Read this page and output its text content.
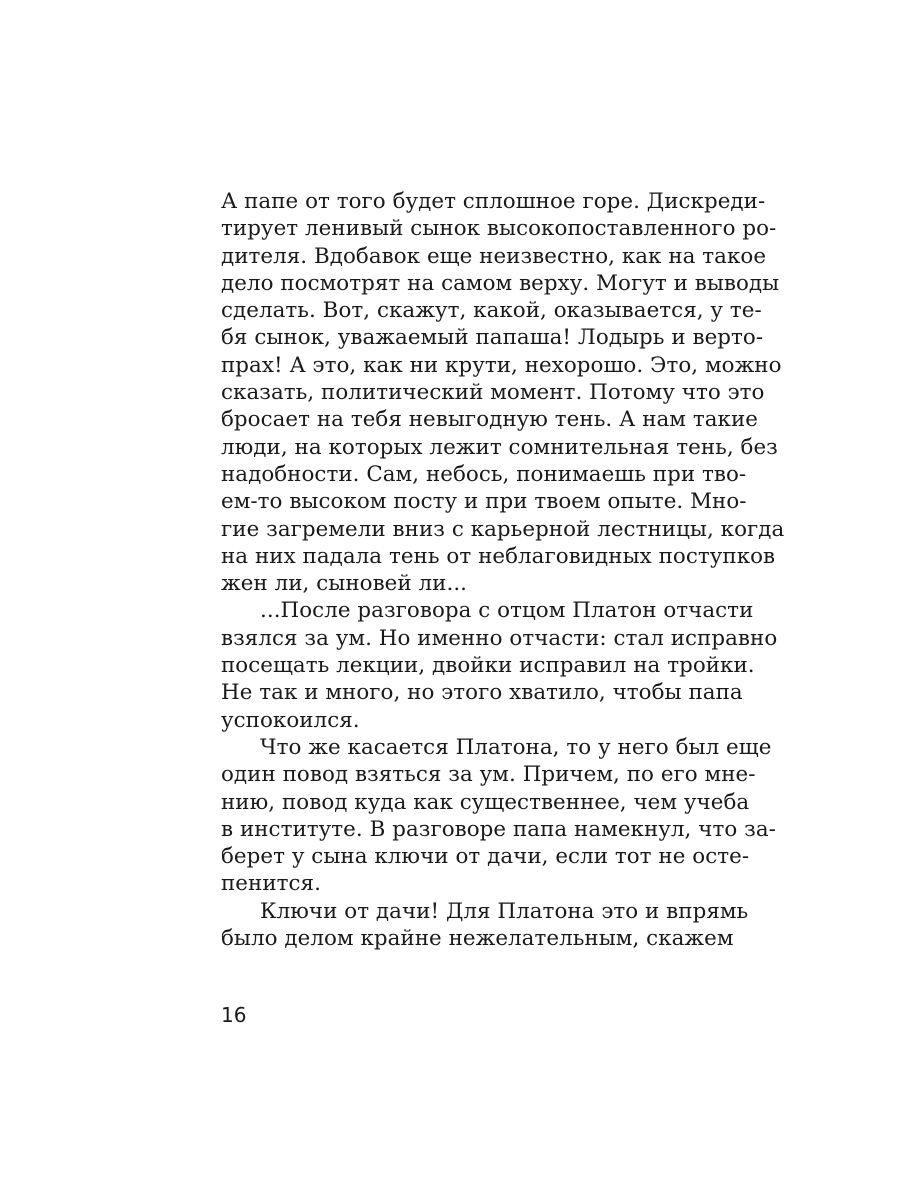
А папе от того будет сплошное горе. Дискреди-
тирует ленивый сынок высокопоставленного ро-
дителя. Вдобавок еще неизвестно, как на такое
дело посмотрят на самом верху. Могут и выводы
сделать. Вот, скажут, какой, оказывается, у те-
бя сынок, уважаемый папаша! Лодырь и верто-
прах! А это, как ни крути, нехорошо. Это, можно
сказать, политический момент. Потому что это
бросает на тебя невыгодную тень. А нам такие
люди, на которых лежит сомнительная тень, без
надобности. Сам, небось, понимаешь при тво-
ем-то высоком посту и при твоем опыте. Мно-
гие загремели вниз с карьерной лестницы, когда
на них падала тень от неблаговидных поступков
жен ли, сыновей ли...
...После разговора с отцом Платон отчасти
взялся за ум. Но именно отчасти: стал исправно
посещать лекции, двойки исправил на тройки.
Не так и много, но этого хватило, чтобы папа
успокоился.
Что же касается Платона, то у него был еще
один повод взяться за ум. Причем, по его мне-
нию, повод куда как существеннее, чем учеба
в институте. В разговоре папа намекнул, что за-
берет у сына ключи от дачи, если тот не остe-
пенится.
Ключи от дачи! Для Платона это и впрямь
было делом крайне нежелательным, скажем
16
